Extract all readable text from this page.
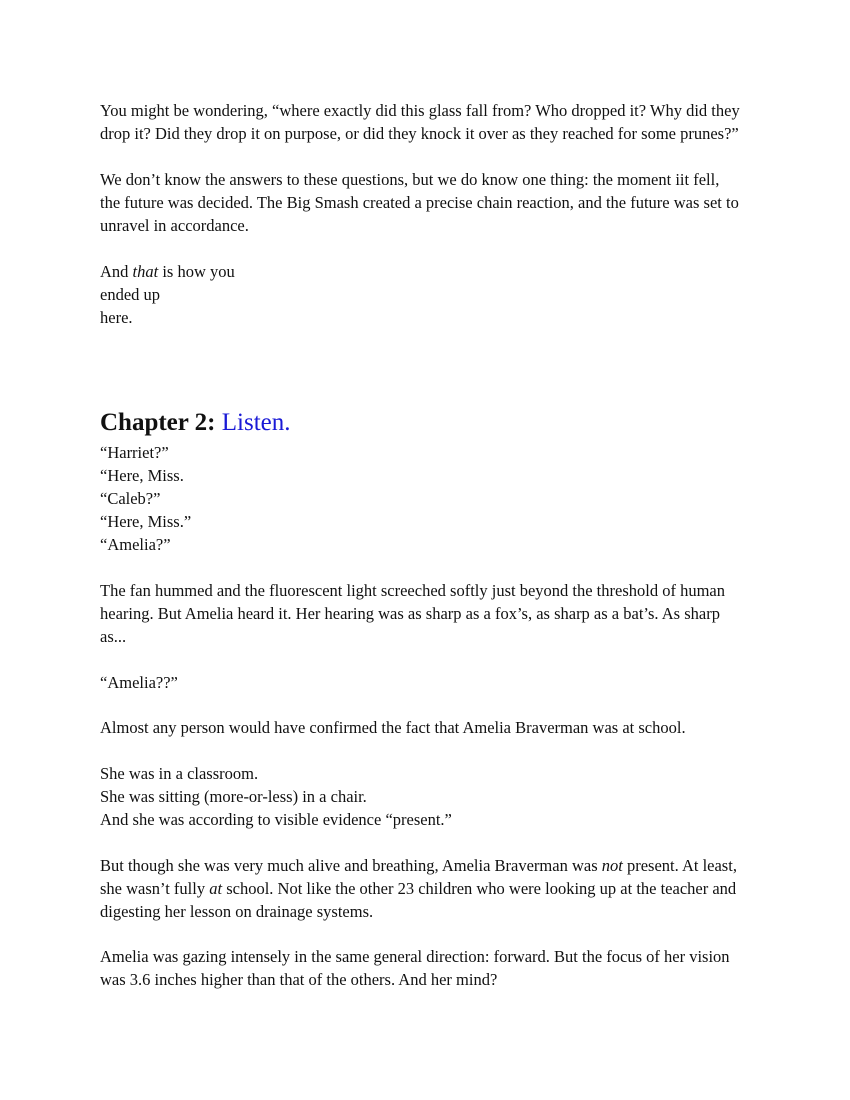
You might be wondering, “where exactly did this glass fall from? Who dropped it? Why did they
drop it? Did they drop it on purpose, or did they knock it over as they reached for some prunes?”
We don’t know the answers to these questions, but we do know one thing: the moment iit fell,
the future was decided. The Big Smash created a precise chain reaction, and the future was set to
unravel in accordance.
And that is how you
ended up
here.
Chapter 2: Listen.
“Harriet?”
“Here, Miss.
“Caleb?”
“Here, Miss.”
“Amelia?”
The fan hummed and the fluorescent light screeched softly just beyond the threshold of human
hearing. But Amelia heard it. Her hearing was as sharp as a fox’s, as sharp as a bat’s. As sharp
as...
“Amelia??”
Almost any person would have confirmed the fact that Amelia Braverman was at school.
She was in a classroom.
She was sitting (more-or-less) in a chair.
And she was according to visible evidence “present.”
But though she was very much alive and breathing, Amelia Braverman was not present. At least,
she wasn’t fully at school. Not like the other 23 children who were looking up at the teacher and
digesting her lesson on drainage systems.
Amelia was gazing intensely in the same general direction: forward. But the focus of her vision
was 3.6 inches higher than that of the others. And her mind?
